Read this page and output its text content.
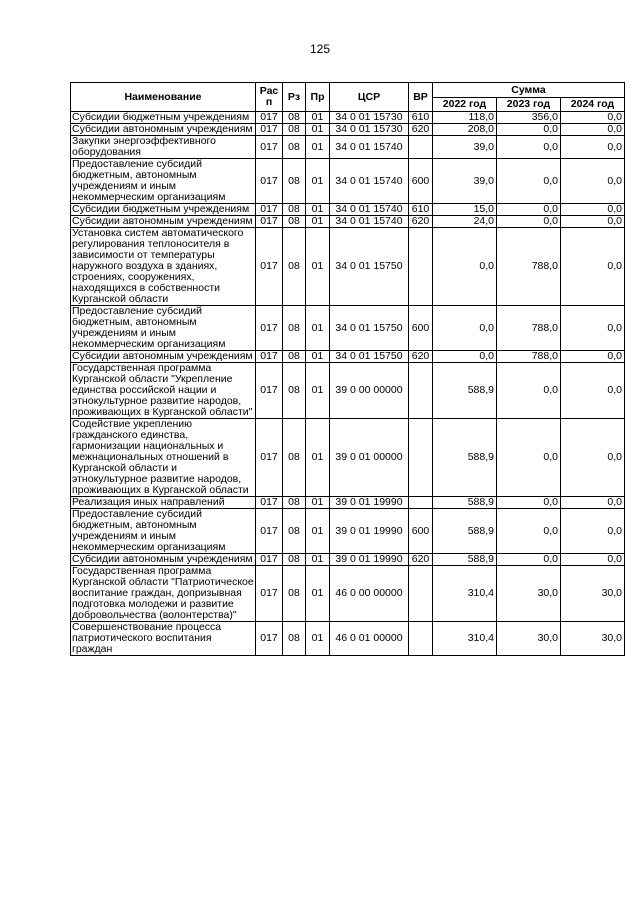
125
Наименование	Рас п	Рз	Пр	ЦСР	ВР	Сумма		
						2022 год	2023 год	2024 год
Субсидии бюджетным учреждениям	017	08	01	34 0 01 15730	610	118,0	356,0	0,0
Субсидии автономным учреждениям	017	08	01	34 0 01 15730	620	208,0	0,0	0,0
Закупки энергоэффективного оборудования	017	08	01	34 0 01 15740		39,0	0,0	0,0
Предоставление субсидий бюджетным, автономным учреждениям и иным некоммерческим организациям	017	08	01	34 0 01 15740	600	39,0	0,0	0,0
Субсидии бюджетным учреждениям	017	08	01	34 0 01 15740	610	15,0	0,0	0,0
Субсидии автономным учреждениям	017	08	01	34 0 01 15740	620	24,0	0,0	0,0
Установка систем автоматического регулирования теплоносителя в зависимости от температуры наружного воздуха в зданиях, строениях, сооружениях, находящихся в собственности Курганской области	017	08	01	34 0 01 15750		0,0	788,0	0,0
Предоставление субсидий бюджетным, автономным учреждениям и иным некоммерческим организациям	017	08	01	34 0 01 15750	600	0,0	788,0	0,0
Субсидии автономным учреждениям	017	08	01	34 0 01 15750	620	0,0	788,0	0,0
Государственная программа Курганской области "Укрепление единства российской нации и этнокультурное развитие народов, проживающих в Курганской области"	017	08	01	39 0 00 00000		588,9	0,0	0,0
Содействие укреплению гражданского единства, гармонизации национальных и межнациональных отношений в Курганской области и этнокультурное развитие народов, проживающих в Курганской области	017	08	01	39 0 01 00000		588,9	0,0	0,0
Реализация иных направлений	017	08	01	39 0 01 19990		588,9	0,0	0,0
Предоставление субсидий бюджетным, автономным учреждениям и иным некоммерческим организациям	017	08	01	39 0 01 19990	600	588,9	0,0	0,0
Субсидии автономным учреждениям	017	08	01	39 0 01 19990	620	588,9	0,0	0,0
Государственная программа Курганской области "Патриотическое воспитание граждан, допризывная подготовка молодежи и развитие добровольчества (волонтерства)"	017	08	01	46 0 00 00000		310,4	30,0	30,0
Совершенствование процесса патриотического воспитания граждан	017	08	01	46 0 01 00000		310,4	30,0	30,0
